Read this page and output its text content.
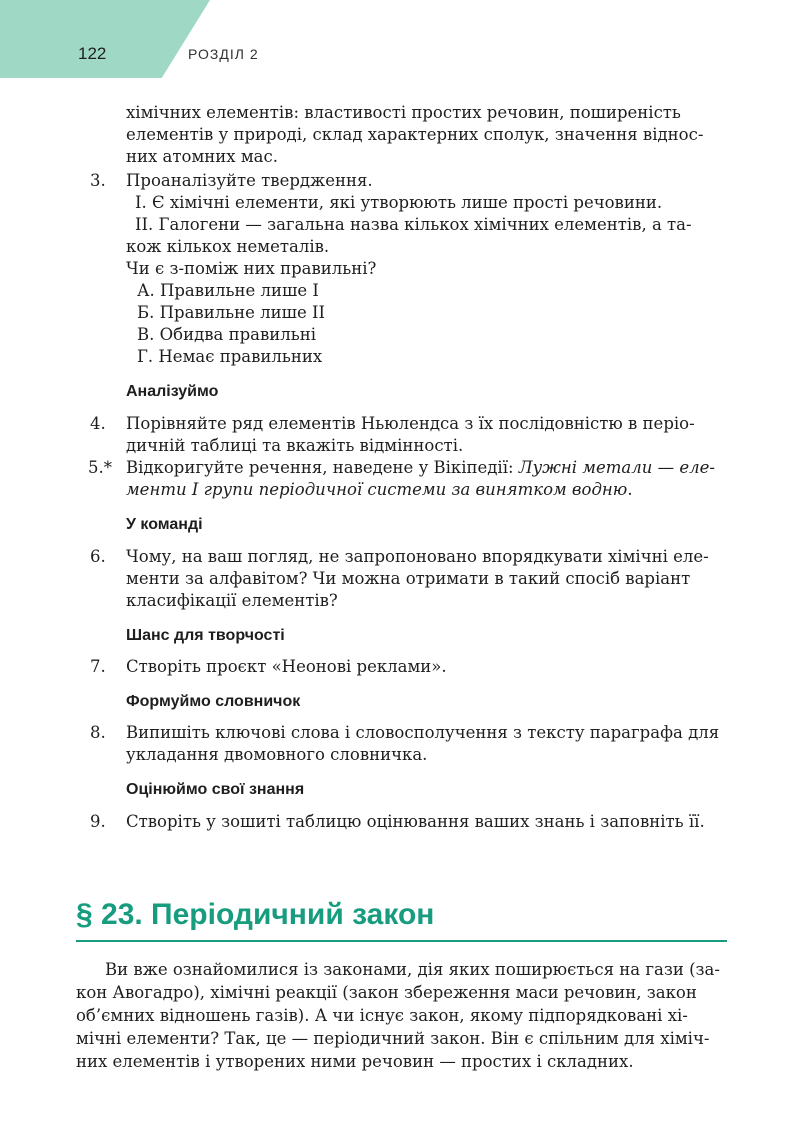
122	РОЗДІЛ 2
хімічних елементів: властивості простих речовин, поширеність
елементів у природі, склад характерних сполук, значення віднос-
них атомних мас.
3. Проаналізуйте твердження.
І. Є хімічні елементи, які утворюють лише прості речовини.
ІІ. Галогени — загальна назва кількох хімічних елементів, а та-
кож кількох неметалів.
Чи є з-поміж них правильні?
А. Правильне лише І
Б. Правильне лише ІІ
В. Обидва правильні
Г. Немає правильних
Аналізуймо
4. Порівняйте ряд елементів Ньюлендса з їх послідовністю в перiо-
дичній таблиці та вкажіть відмінності.
5.* Відкоригуйте речення, наведене у Вікіпедії: Лужні метали — еле-
менти І групи періодичної системи за винятком водню.
У команді
6. Чому, на ваш погляд, не запропоновано впорядкувати хімічні еле-
менти за алфавітом? Чи можна отримати в такий спосіб варіант
класифікації елементів?
Шанс для творчості
7. Створіть проєкт «Неонові реклами».
Формуймо словничок
8. Випишіть ключові слова і словосполучення з тексту параграфа для
укладання двомовного словничка.
Оцінюймо свої знання
9. Створіть у зошиті таблицю оцінювання ваших знань і заповніть її.
§ 23. Періодичний закон
Ви вже ознайомилися із законами, дія яких поширюється на гази (за-
кон Авогадро), хімічні реакції (закон збереження маси речовин, закон
об’ємних відношень газів). А чи існує закон, якому підпорядковані хі-
мічні елементи? Так, це — періодичний закон. Він є спільним для хіміч-
них елементів і утворених ними речовин — простих і складних.
